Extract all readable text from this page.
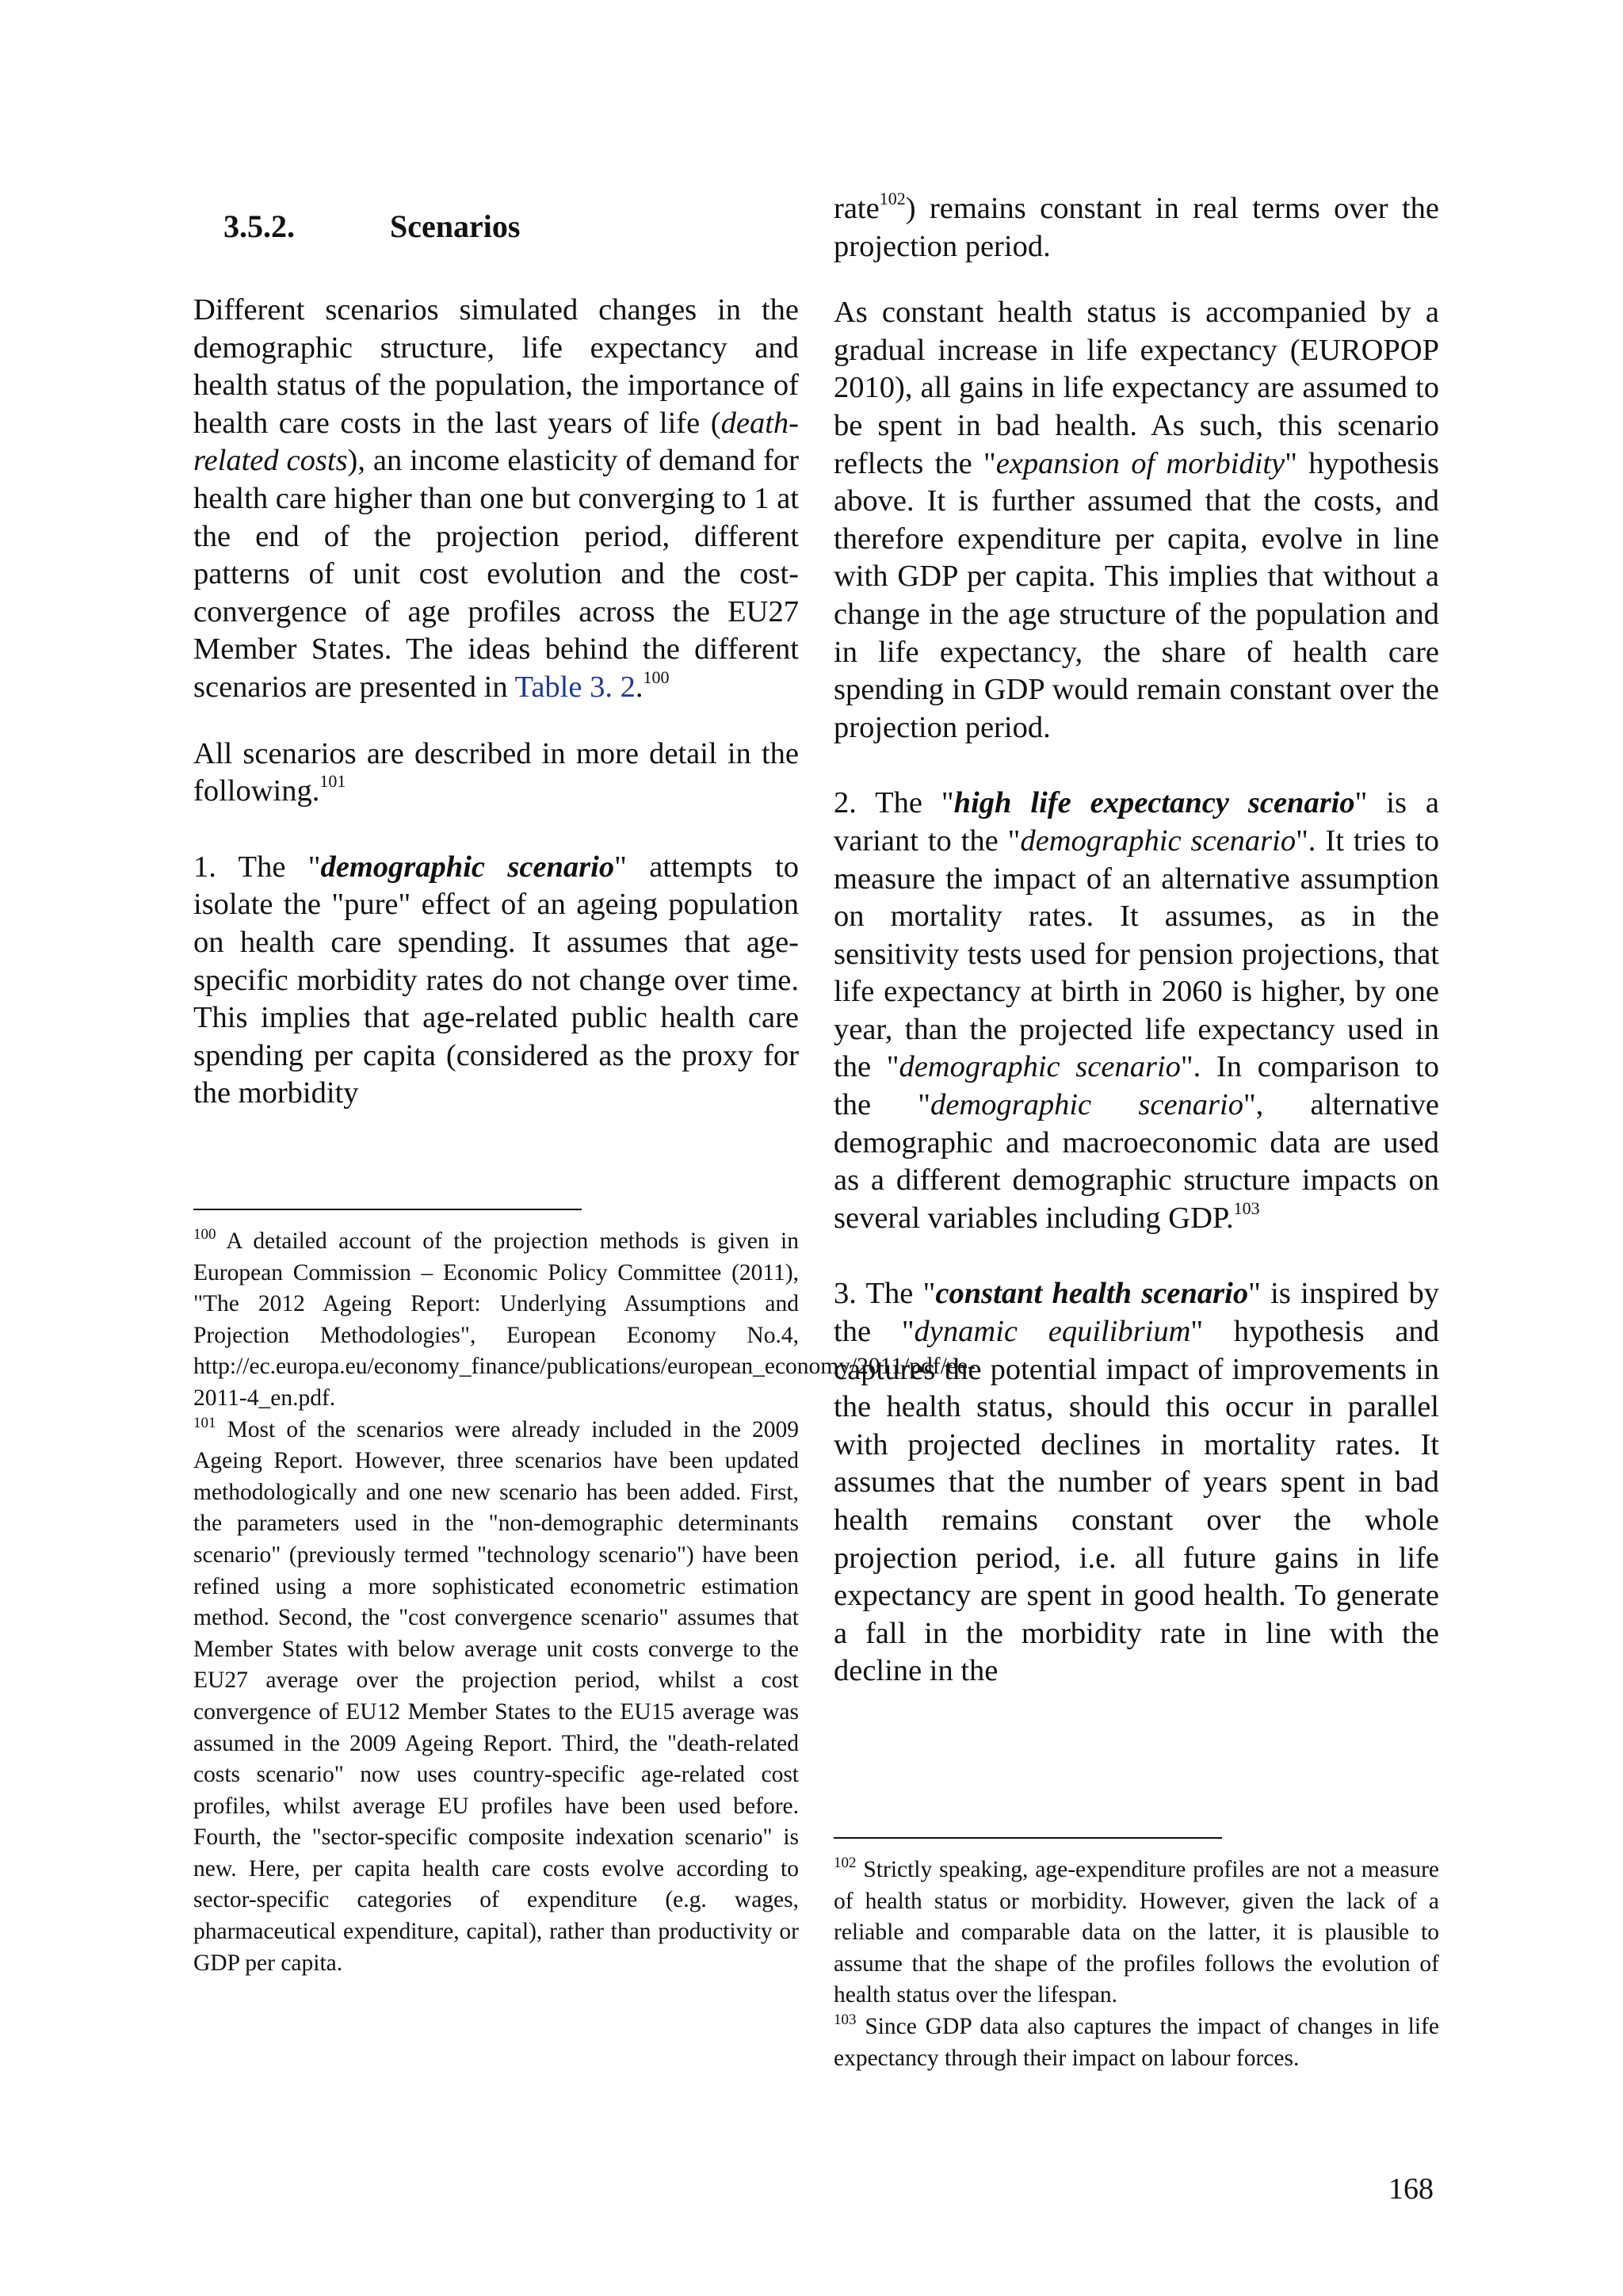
3.5.2.	Scenarios

Different scenarios simulated changes in the demographic structure, life expectancy and health status of the population, the importance of health care costs in the last years of life (death-related costs), an income elasticity of demand for health care higher than one but converging to 1 at the end of the projection period, different patterns of unit cost evolution and the cost-convergence of age profiles across the EU27 Member States. The ideas behind the different scenarios are presented in Table 3. 2.$^{100}$

All scenarios are described in more detail in the following.$^{101}$

1. The "demographic scenario" attempts to isolate the "pure" effect of an ageing population on health care spending. It assumes that age-specific morbidity rates do not change over time. This implies that age-related public health care spending per capita (considered as the proxy for the morbidity

$^{100}$ A detailed account of the projection methods is given in European Commission – Economic Policy Committee (2011), "The 2012 Ageing Report: Underlying Assumptions and Projection Methodologies", European Economy No.4, http://ec.europa.eu/economy_finance/publications/european_economy/2011/pdf/ee-2011-4_en.pdf.

$^{101}$ Most of the scenarios were already included in the 2009 Ageing Report. However, three scenarios have been updated methodologically and one new scenario has been added. First, the parameters used in the "non-demographic determinants scenario" (previously termed "technology scenario") have been refined using a more sophisticated econometric estimation method. Second, the "cost convergence scenario" assumes that Member States with below average unit costs converge to the EU27 average over the projection period, whilst a cost convergence of EU12 Member States to the EU15 average was assumed in the 2009 Ageing Report. Third, the "death-related costs scenario" now uses country-specific age-related cost profiles, whilst average EU profiles have been used before. Fourth, the "sector-specific composite indexation scenario" is new. Here, per capita health care costs evolve according to sector-specific categories of expenditure (e.g. wages, pharmaceutical expenditure, capital), rather than productivity or GDP per capita.

rate$^{102}$) remains constant in real terms over the projection period.

As constant health status is accompanied by a gradual increase in life expectancy (EUROPOP 2010), all gains in life expectancy are assumed to be spent in bad health. As such, this scenario reflects the "expansion of morbidity" hypothesis above. It is further assumed that the costs, and therefore expenditure per capita, evolve in line with GDP per capita. This implies that without a change in the age structure of the population and in life expectancy, the share of health care spending in GDP would remain constant over the projection period.

2. The "high life expectancy scenario" is a variant to the "demographic scenario". It tries to measure the impact of an alternative assumption on mortality rates. It assumes, as in the sensitivity tests used for pension projections, that life expectancy at birth in 2060 is higher, by one year, than the projected life expectancy used in the "demographic scenario". In comparison to the "demographic scenario", alternative demographic and macroeconomic data are used as a different demographic structure impacts on several variables including GDP.$^{103}$

3. The "constant health scenario" is inspired by the "dynamic equilibrium" hypothesis and captures the potential impact of improvements in the health status, should this occur in parallel with projected declines in mortality rates. It assumes that the number of years spent in bad health remains constant over the whole projection period, i.e. all future gains in life expectancy are spent in good health. To generate a fall in the morbidity rate in line with the decline in the

$^{102}$ Strictly speaking, age-expenditure profiles are not a measure of health status or morbidity. However, given the lack of a reliable and comparable data on the latter, it is plausible to assume that the shape of the profiles follows the evolution of health status over the lifespan.

$^{103}$ Since GDP data also captures the impact of changes in life expectancy through their impact on labour forces.

168
